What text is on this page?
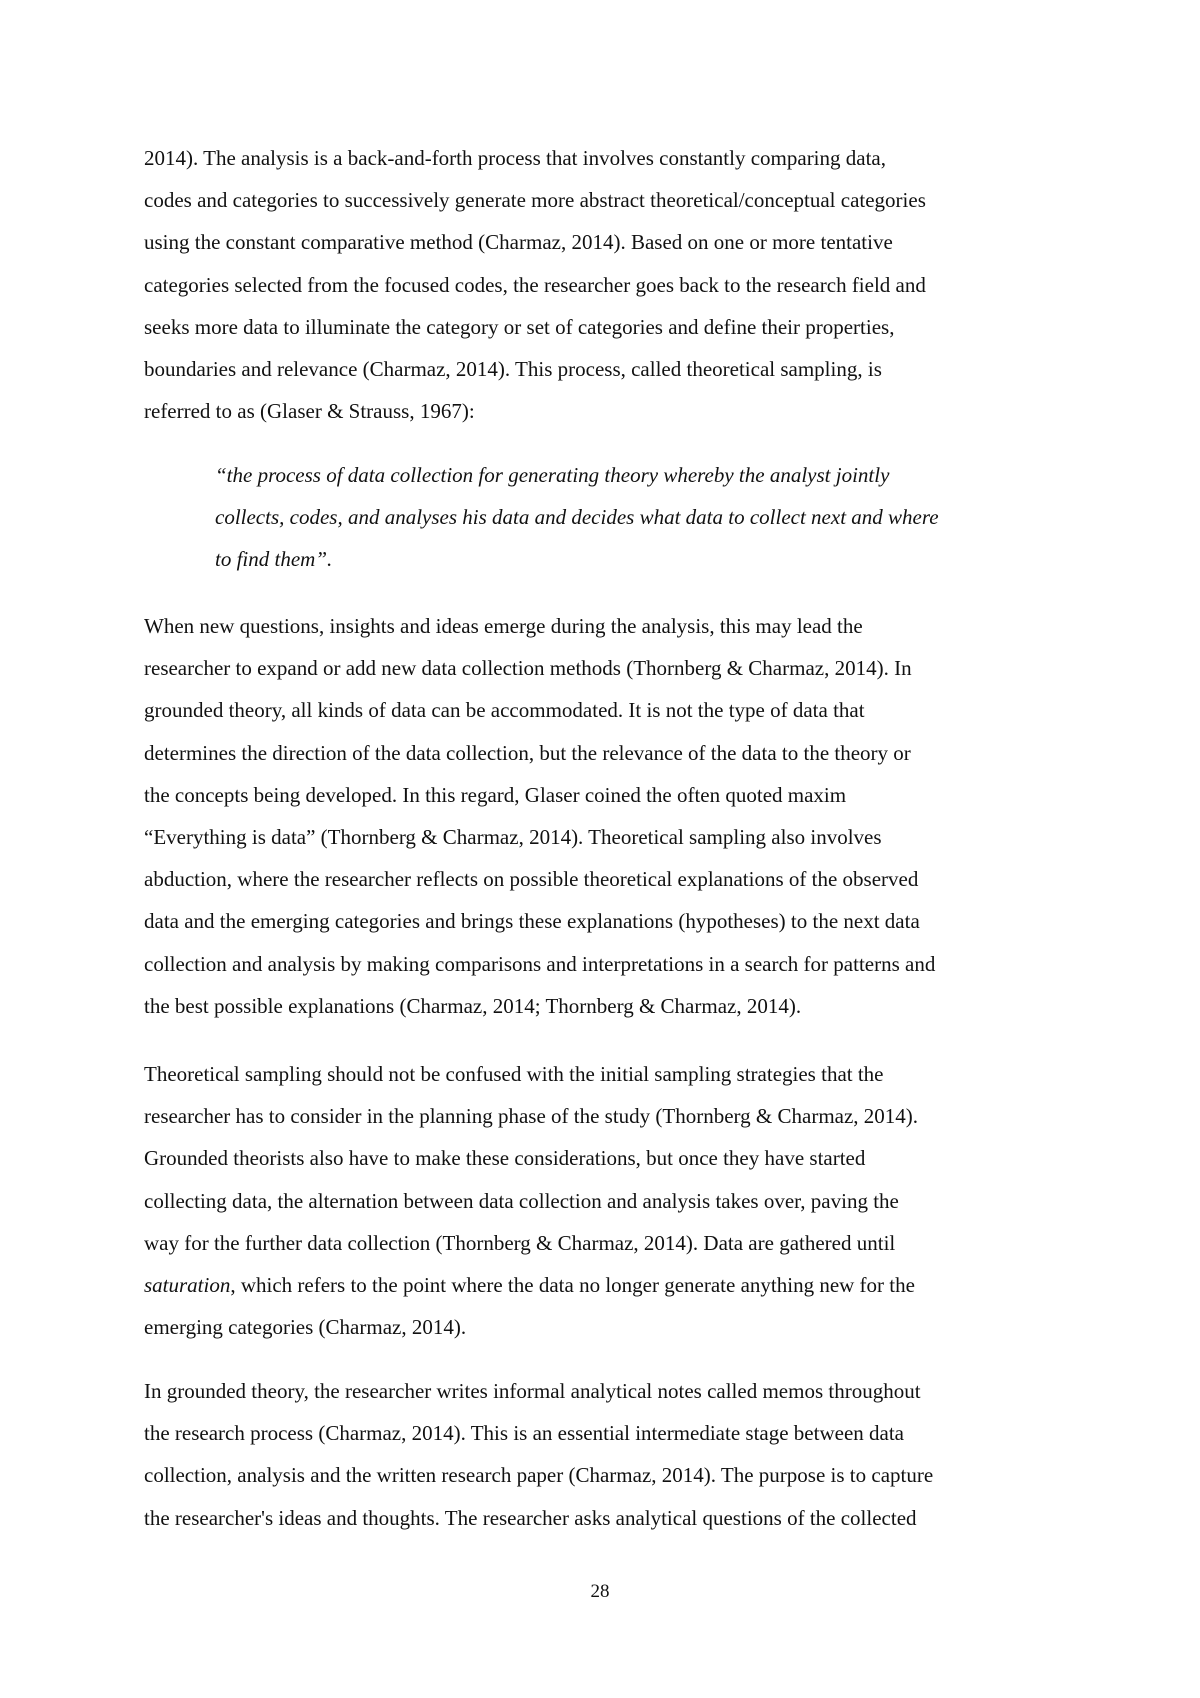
2014). The analysis is a back-and-forth process that involves constantly comparing data,
codes and categories to successively generate more abstract theoretical/conceptual categories
using the constant comparative method (Charmaz, 2014). Based on one or more tentative
categories selected from the focused codes, the researcher goes back to the research field and
seeks more data to illuminate the category or set of categories and define their properties,
boundaries and relevance (Charmaz, 2014). This process, called theoretical sampling, is
referred to as (Glaser & Strauss, 1967):
“the process of data collection for generating theory whereby the analyst jointly
collects, codes, and analyses his data and decides what data to collect next and where
to find them”.
When new questions, insights and ideas emerge during the analysis, this may lead the
researcher to expand or add new data collection methods (Thornberg & Charmaz, 2014). In
grounded theory, all kinds of data can be accommodated. It is not the type of data that
determines the direction of the data collection, but the relevance of the data to the theory or
the concepts being developed. In this regard, Glaser coined the often quoted maxim
“Everything is data” (Thornberg & Charmaz, 2014). Theoretical sampling also involves
abduction, where the researcher reflects on possible theoretical explanations of the observed
data and the emerging categories and brings these explanations (hypotheses) to the next data
collection and analysis by making comparisons and interpretations in a search for patterns and
the best possible explanations (Charmaz, 2014; Thornberg & Charmaz, 2014).
Theoretical sampling should not be confused with the initial sampling strategies that the
researcher has to consider in the planning phase of the study (Thornberg & Charmaz, 2014).
Grounded theorists also have to make these considerations, but once they have started
collecting data, the alternation between data collection and analysis takes over, paving the
way for the further data collection (Thornberg & Charmaz, 2014). Data are gathered until
saturation, which refers to the point where the data no longer generate anything new for the
emerging categories (Charmaz, 2014).
In grounded theory, the researcher writes informal analytical notes called memos throughout
the research process (Charmaz, 2014). This is an essential intermediate stage between data
collection, analysis and the written research paper (Charmaz, 2014). The purpose is to capture
the researcher's ideas and thoughts. The researcher asks analytical questions of the collected
28
